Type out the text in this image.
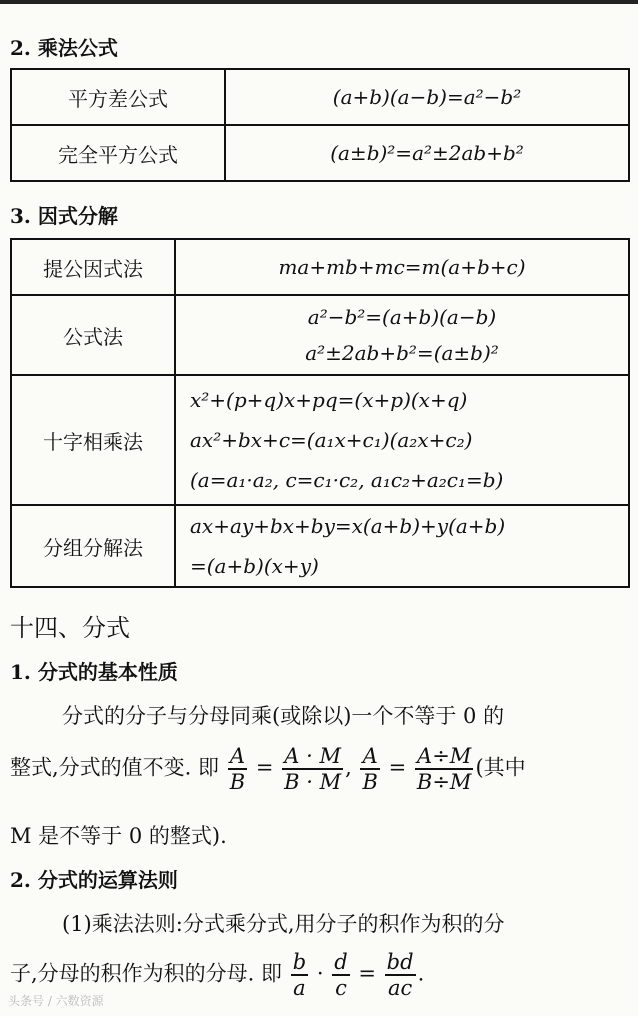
2. 乘法公式
平方差公式	(a+b)(a−b)=a²−b²
完全平方公式	(a±b)²=a²±2ab+b²
3. 因式分解
提公因式法	ma+mb+mc=m(a+b+c)
公式法	a²−b²=(a+b)(a−b)
a²±2ab+b²=(a±b)²

十字相乘法	x²+(p+q)x+pq=(x+p)(x+q)
ax²+bx+c=(a₁x+c₁)(a₂x+c₂)
(a=a₁·a₂, c=c₁·c₂, a₁c₂+a₂c₁=b)

分组分解法	ax+ay+bx+by=x(a+b)+y(a+b)
=(a+b)(x+y)
十四、分式
1. 分式的基本性质
分式的分子与分母同乘(或除以)一个不等于 0 的
整式,分式的值不变. 即 $\frac{A}{B} = \frac{A \cdot M}{B \cdot M}$ , $\frac{A}{B} = \frac{A\div M}{B\div M}$ (其中
M 是不等于 0 的整式).
2. 分式的运算法则
(1)乘法法则:分式乘分式,用分子的积作为积的分
子,分母的积作为积的分母. 即 $\frac{b}{a} \cdot \frac{d}{c} = \frac{bd}{ac}$ .
头条号 / 六数资源
